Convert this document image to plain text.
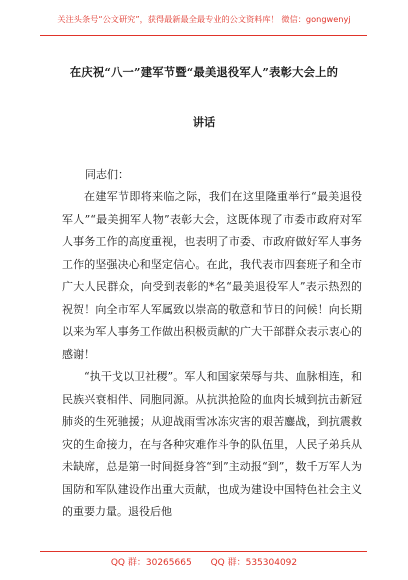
关注头条号“公文研究”，获得最新最全最专业的公文资料库！ 微信：gongwenyj
在庆祝“八一”建军节暨“最美退役军人”表彰大会上的
讲话
同志们：

在建军节即将来临之际，我们在这里隆重举行“最美退役军人”“最美拥军人物”表彰大会，这既体现了市委市政府对军人事务工作的高度重视，也表明了市委、市政府做好军人事务工作的坚强决心和坚定信心。在此，我代表市四套班子和全市广大人民群众，向受到表彰的*名“最美退役军人”表示热烈的祝贺！向全市军人军属致以崇高的敬意和节日的问候！向长期以来为军人事务工作做出积极贡献的广大干部群众表示衷心的感谢！

“执干戈以卫社稷”。军人和国家荣辱与共、血脉相连，和民族兴衰相伴、同胞同源。从抗洪抢险的血肉长城到抗击新冠肺炎的生死驰援；从迎战雨雪冰冻灾害的艰苦鏖战，到抗震救灾的生命接力，在与各种灾难作斗争的队伍里，人民子弟兵从未缺席，总是第一时间挺身答“到”主动报“到”，数千万军人为国防和军队建设作出重大贡献，也成为建设中国特色社会主义的重要力量。退役后他

QQ 群：30265665 QQ 群：535304092
